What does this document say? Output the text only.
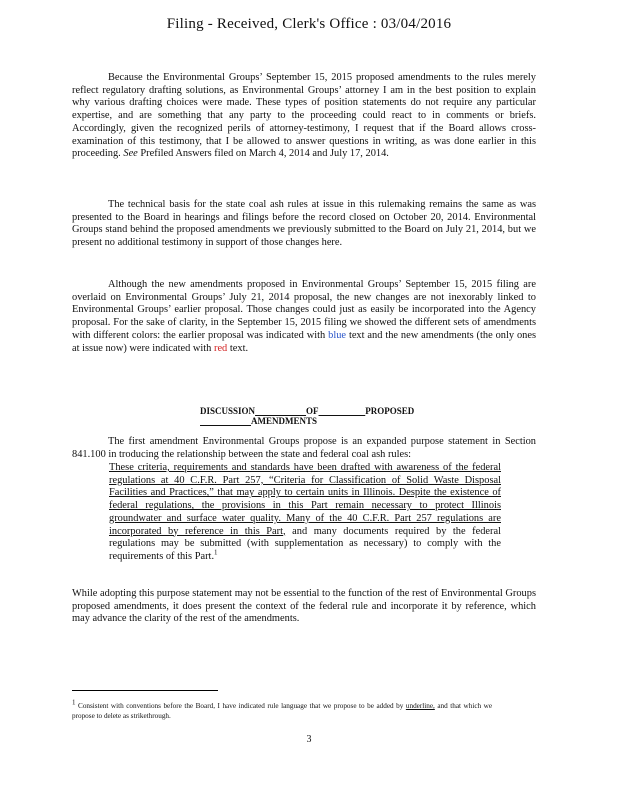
Filing - Received, Clerk's Office : 03/04/2016

Because the Environmental Groups’ September 15, 2015 proposed amendments to the rules merely reflect regulatory drafting solutions, as Environmental Groups’ attorney I am in the best position to explain why various drafting choices were made. These types of position statements do not require any particular expertise, and are something that any party to the proceeding could react to in comments or briefs. Accordingly, given the recognized perils of attorney-testimony, I request that if the Board allows cross-examination of this testimony, that I be allowed to answer questions in writing, as was done earlier in this proceeding. See Prefiled Answers filed on March 4, 2014 and July 17, 2014.

The technical basis for the state coal ash rules at issue in this rulemaking remains the same as was presented to the Board in hearings and filings before the record closed on October 20, 2014. Environmental Groups stand behind the proposed amendments we previously submitted to the Board on July 21, 2014, but we present no additional testimony in support of those changes here.

Although the new amendments proposed in Environmental Groups’ September 15, 2015 filing are overlaid on Environmental Groups’ July 21, 2014 proposal, the new changes are not inexorably linked to Environmental Groups’ earlier proposal. Those changes could just as easily be incorporated into the Agency proposal. For the sake of clarity, in the September 15, 2015 filing we showed the different sets of amendments with different colors: the earlier proposal was indicated with blue text and the new amendments (the only ones at issue now) were indicated with red text.

DISCUSSION	OF	PROPOSED            AMENDMENTS

The first amendment Environmental Groups propose is an expanded purpose statement in Section 841.100 in troducing the relationship between the state and federal coal ash rules:

These criteria, requirements and standards have been drafted with awareness of the federal regulations at 40 C.F.R. Part 257, “Criteria for Classification of Solid Waste Disposal Facilities and Practices,” that may apply to certain units in Illinois. Despite the existence of federal regulations, the provisions in this Part remain necessary to protect Illinois groundwater and surface water quality. Many of the 40 C.F.R. Part 257 regulations are incorporated by reference in this Part, and many documents required by the federal regulations may be submitted (with supplementation as necessary) to comply with the requirements of this Part.$^1$

While adopting this purpose statement may not be essential to the function of the rest of Environmental Groups proposed amendments, it does present the context of the federal rule and incorporate it by reference, which may advance the clarity of the rest of the amendments.

$^1$ Consistent with conventions before the Board, I have indicated rule language that we propose to be added by underline, and that which we propose to delete as strikethrough.

3
